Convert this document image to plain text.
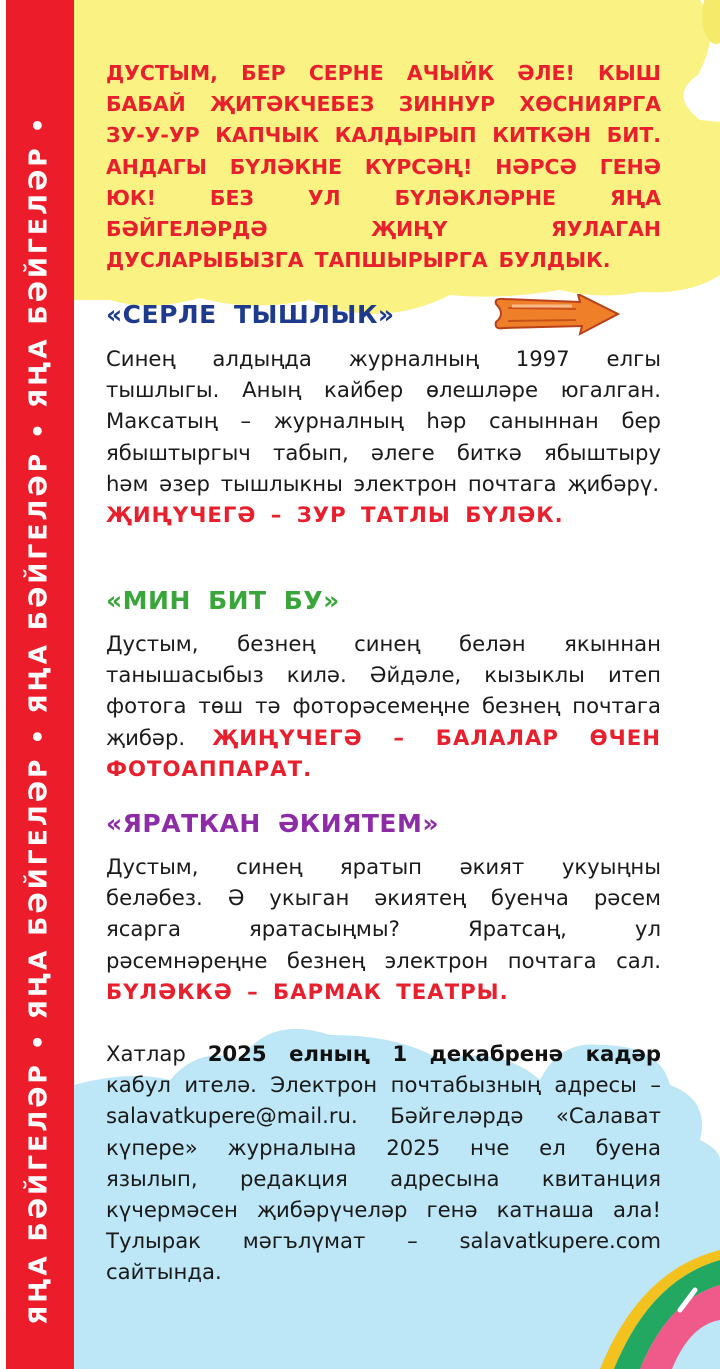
ЯҢА БӘЙГЕЛӘР • ЯҢА БӘЙГЕЛӘР • ЯҢА БӘЙГЕЛӘР • ЯҢА БӘЙГЕЛӘР •
ДУСТЫМ, БЕР СЕРНЕ АЧЫЙК ӘЛЕ! КЫШ БАБАЙ ҖИТӘКЧЕБЕЗ ЗИННУР ХӨСНИЯРГА ЗУ-У-УР КАПЧЫК КАЛДЫРЫП КИТКӘН БИТ. АНДАГЫ БҮЛӘКНЕ КҮРСӘҢ! НӘРСӘ ГЕНӘ ЮК! БЕЗ УЛ БҮЛӘКЛӘРНЕ ЯҢА БӘЙГЕЛӘРДӘ ҖИҢҮ ЯУЛАГАН ДУСЛАРЫБЫЗГА ТАПШЫРЫРГА БУЛДЫК.
«СЕРЛЕ ТЫШЛЫК»
Синең алдыңда журналның 1997 елгы тышлыгы. Аның кайбер өлешләре югалган. Максатың – журналның һәр саныннан бер ябыштыргыч табып, әлеге биткә ябыштыру һәм әзер тышлыкны электрон почтага җибәрү.
ҖИҢҮЧЕГӘ – ЗУР ТАТЛЫ БҮЛӘК.
«МИН БИТ БУ»
Дустым, безнең синең белән якыннан танышасыбыз килә. Әйдәле, кызыклы итеп фотога төш тә фоторәсемеңне безнең почтага җибәр. ҖИҢҮЧЕГӘ – БАЛАЛАР ӨЧЕН ФОТОАППАРАТ.
«ЯРАТКАН ӘКИЯТЕМ»
Дустым, синең яратып әкият укуыңны беләбез. Ә укыган әкиятең буенча рәсем ясарга яратасыңмы? Яратсаң, ул рәсемнәреңне безнең электрон почтага сал. БҮЛӘККӘ – БАРМАК ТЕАТРЫ.
Хатлар 2025 елның 1 декабренә кадәр кабул ителә. Электрон почтабызның адресы – salavatkupere@mail.ru. Бәйгеләрдә «Салават күпере» журналына 2025 нче ел буена язылып, редакция адресына квитанция күчермәсен җибәрүчеләр генә катнаша ала! Тулырак мәгълүмат – salavatkupere.com сайтында.
